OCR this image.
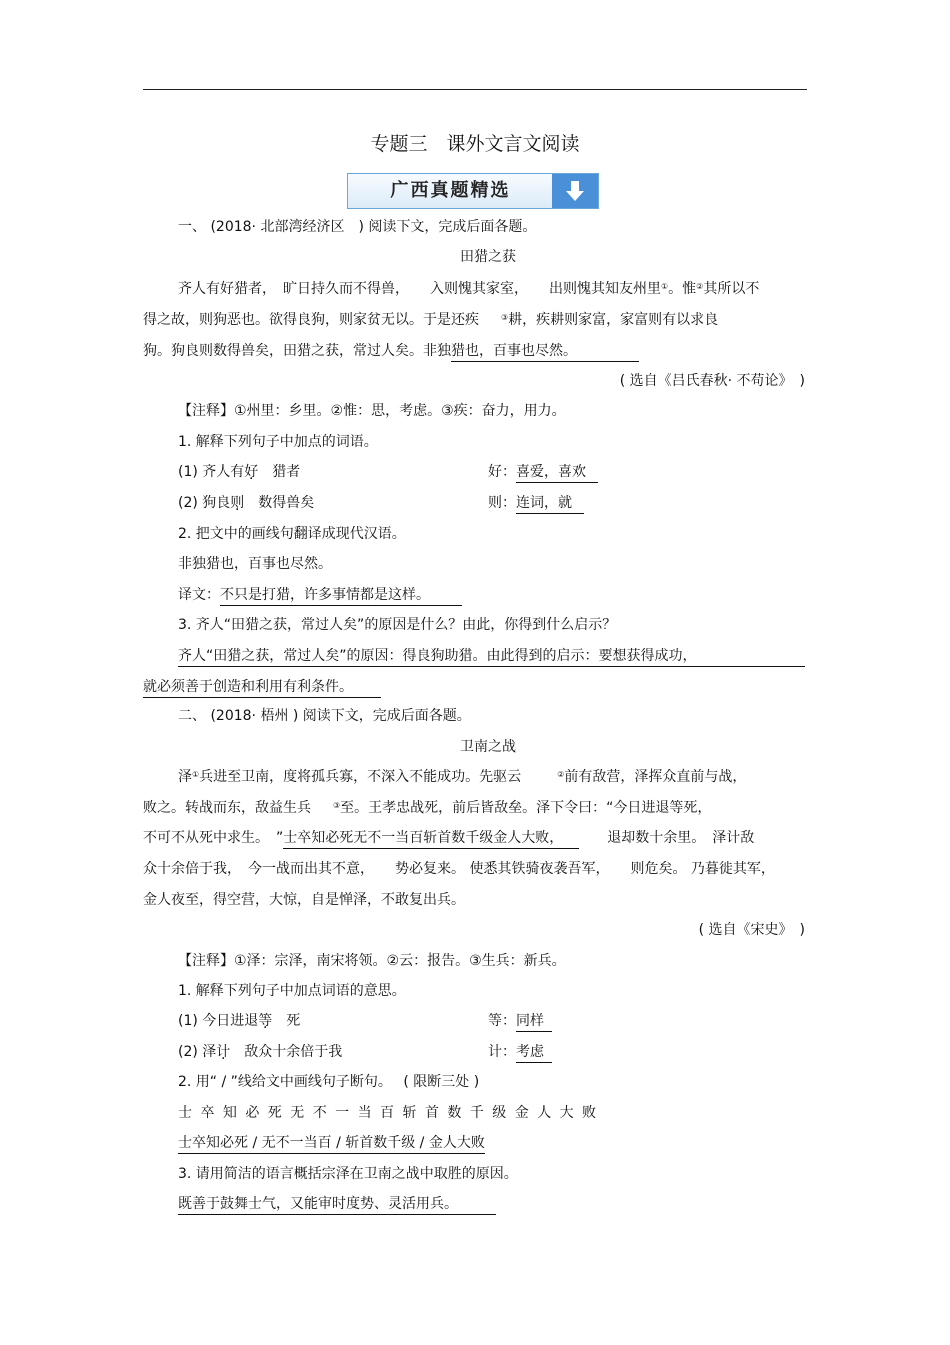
专题三　课外文言文阅读
广西真题精选
一、 (2018· 北部湾经济区　) 阅读下文，完成后面各题。
田猎之获
齐人有好猎者，　旷日持久而不得兽，　　入则愧其家室，　　出则愧其知友州里①。惟②其所以不
得之故，则狗恶也。欲得良狗，则家贫无以。于是还疾	③耕，疾耕则家富，家富则有以求良
狗。狗良则数得兽矣，田猎之获，常过人矣。非独猎也，百事也尽然。
( 选自《吕氏春秋· 不苟论》　)
【注释】①州里：乡里。②惟：思，考虑。③疾：奋力，用力。
1. 解释下列句子中加点的词语。
(1) 齐人有好　 猎者	好：喜爱，喜欢
(2) 狗良则　 数得兽矣	则：连词，就
2. 把文中的画线句翻译成现代汉语。
非独猎也，百事也尽然。
译文：不只是打猎，许多事情都是这样。
3. 齐人“田猎之获，常过人矣”的原因是什么？由此，你得到什么启示？
齐人“田猎之获，常过人矣”的原因：得良狗助猎。由此得到的启示：要想获得成功，
就必须善于创造和利用有利条件。
二、 (2018· 梧州 ) 阅读下文，完成后面各题。
卫南之战
泽①兵进至卫南，度将孤兵寡，不深入不能成功。先驱云	②前有敌营，泽挥众直前与战，
败之。转战而东，敌益生兵	③至。王孝忠战死，前后皆敌垒。泽下令曰：“今日进退等死，
不可不从死中求生。　”士卒知必死无不一当百斩首数千级金人大败，　　	退却数十余里。　泽计敌
众十余倍于我，　今一战而出其不意，　　势必复来。 使悉其铁骑夜袭吾军，　　则危矣。 乃暮徙其军，
金人夜至，得空营，大惊，自是惮泽，不敢复出兵。
( 选自《宋史》　)
【注释】①泽：宗泽，南宋将领。②云：报告。③生兵：新兵。
1. 解释下列句子中加点词语的意思。
(1) 今日进退等　 死	等：同样
(2) 泽计　 敌众十余倍于我	计：考虑
2. 用“ / ”线给文中画线句子断句。　 ( 限断三处 )
士 卒 知 必 死 无 不 一 当 百 斩 首 数 千 级 金 人 大 败
士卒知必死 / 无不一当百 / 斩首数千级 / 金人大败
3. 请用简洁的语言概括宗泽在卫南之战中取胜的原因。
既善于鼓舞士气，又能审时度势、灵活用兵。
